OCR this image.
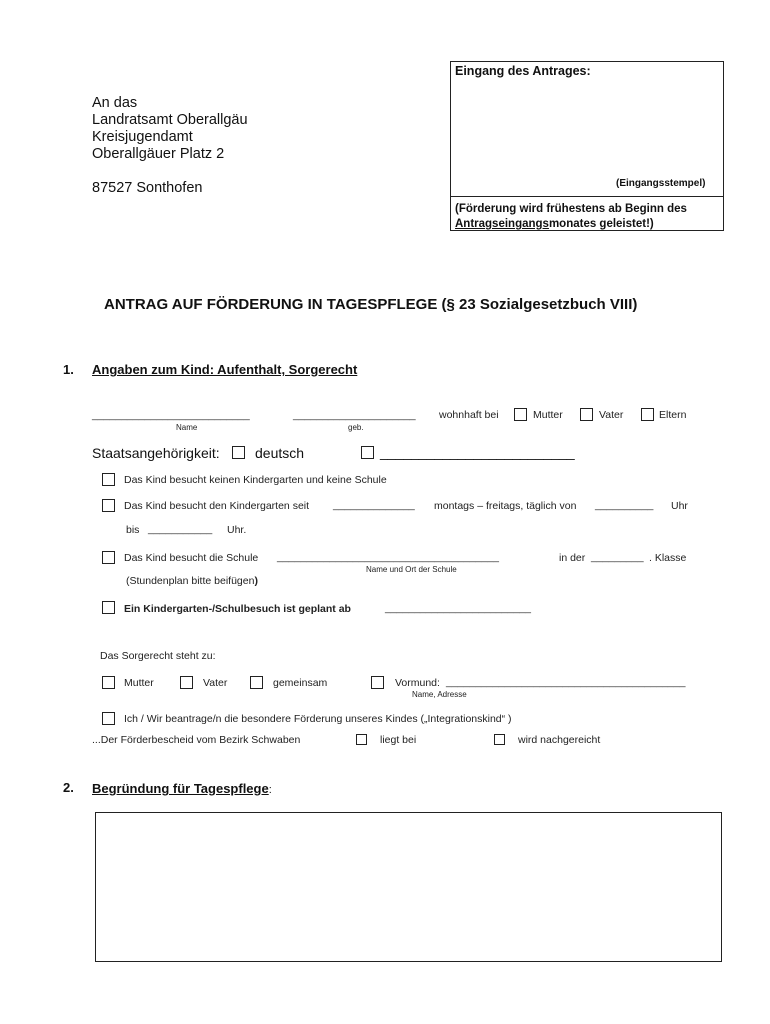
An das
Landratsamt Oberallgäu
Kreisjugendamt
Oberallgäuer Platz 2
87527 Sonthofen
Eingang des Antrages:
(Eingangsstempel)
(Förderung wird frühestens ab Beginn des
Antragseingangsmonates geleistet!)
ANTRAG AUF FÖRDERUNG IN TAGESPFLEGE (§ 23 Sozialgesetzbuch VIII)
1. Angaben zum Kind: Aufenthalt, Sorgerecht
___________________________
Name
_____________________
geb.
wohnhaft bei	Mutter	Vater	Eltern
Staatsangehörigkeit:	deutsch	_________________________
Das Kind besucht keinen Kindergarten und keine Schule
Das Kind besucht den Kindergarten seit ______________ montags – freitags, täglich von __________ Uhr
bis ___________ Uhr.
Das Kind besucht die Schule ______________________________________
Name und Ort der Schule
in der _________ . Klasse
(Stundenplan bitte beifügen)
Ein Kindergarten-/Schulbesuch ist geplant ab	_________________________
Das Sorgerecht steht zu:
Mutter	Vater	gemeinsam	Vormund: _________________________________________
Name, Adresse
Ich / Wir beantrage/n die besondere Förderung unseres Kindes („Integrationskind“ )
...Der Förderbescheid vom Bezirk Schwaben	liegt bei	wird nachgereicht
2. Begründung für Tagespflege:
